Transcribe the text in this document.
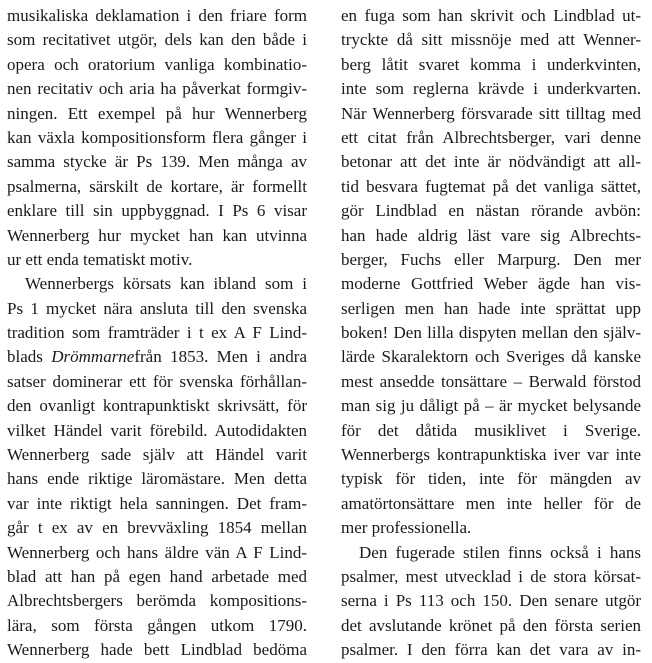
musikaliska deklamation i den friare form
som recitativet utgör, dels kan den både i
opera och oratorium vanliga kombinatio-
nen recitativ och aria ha påverkat formgiv-
ningen. Ett exempel på hur Wennerberg
kan växla kompositionsform flera gånger i
samma stycke är Ps 139. Men många av
psalmerna, särskilt de kortare, är formellt
enklare till sin uppbyggnad. I Ps 6 visar
Wennerberg hur mycket han kan utvinna
ur ett enda tematiskt motiv.
Wennerbergs körsats kan ibland som i
Ps 1 mycket nära ansluta till den svenska
tradition som framträder i t ex A F Lind-
blads Drömmarnefrån 1853. Men i andra
satser dominerar ett för svenska förhållan-
den ovanligt kontrapunktiskt skrivsätt, för
vilket Händel varit förebild. Autodidakten
Wennerberg sade själv att Händel varit
hans ende riktige läromästare. Men detta
var inte riktigt hela sanningen. Det fram-
går t ex av en brevväxling 1854 mellan
Wennerberg och hans äldre vän A F Lind-
blad att han på egen hand arbetade med
Albrechtsbergers berömda kompositions-
lära, som första gången utkom 1790.
Wennerberg hade bett Lindblad bedöma
en fuga som han skrivit och Lindblad ut-
tryckte då sitt missnöje med att Wenner-
berg låtit svaret komma i underkvinten,
inte som reglerna krävde i underkvarten.
När Wennerberg försvarade sitt tilltag med
ett citat från Albrechtsberger, vari denne
betonar att det inte är nödvändigt att all-
tid besvara fugtemat på det vanliga sättet,
gör Lindblad en nästan rörande avbön:
han hade aldrig läst vare sig Albrechts-
berger, Fuchs eller Marpurg. Den mer
moderne Gottfried Weber ägde han vis-
serligen men han hade inte sprättat upp
boken! Den lilla dispyten mellan den själv-
lärde Skaralektorn och Sveriges då kanske
mest ansedde tonsättare – Berwald förstod
man sig ju dåligt på – är mycket belysande
för det dåtida musiklivet i Sverige.
Wennerbergs kontrapunktiska iver var inte
typisk för tiden, inte för mängden av
amatörtonsättare men inte heller för de
mer professionella.
Den fugerade stilen finns också i hans
psalmer, mest utvecklad i de stora körsat-
serna i Ps 113 och 150. Den senare utgör
det avslutande krönet på den första serien
psalmer. I den förra kan det vara av in-
